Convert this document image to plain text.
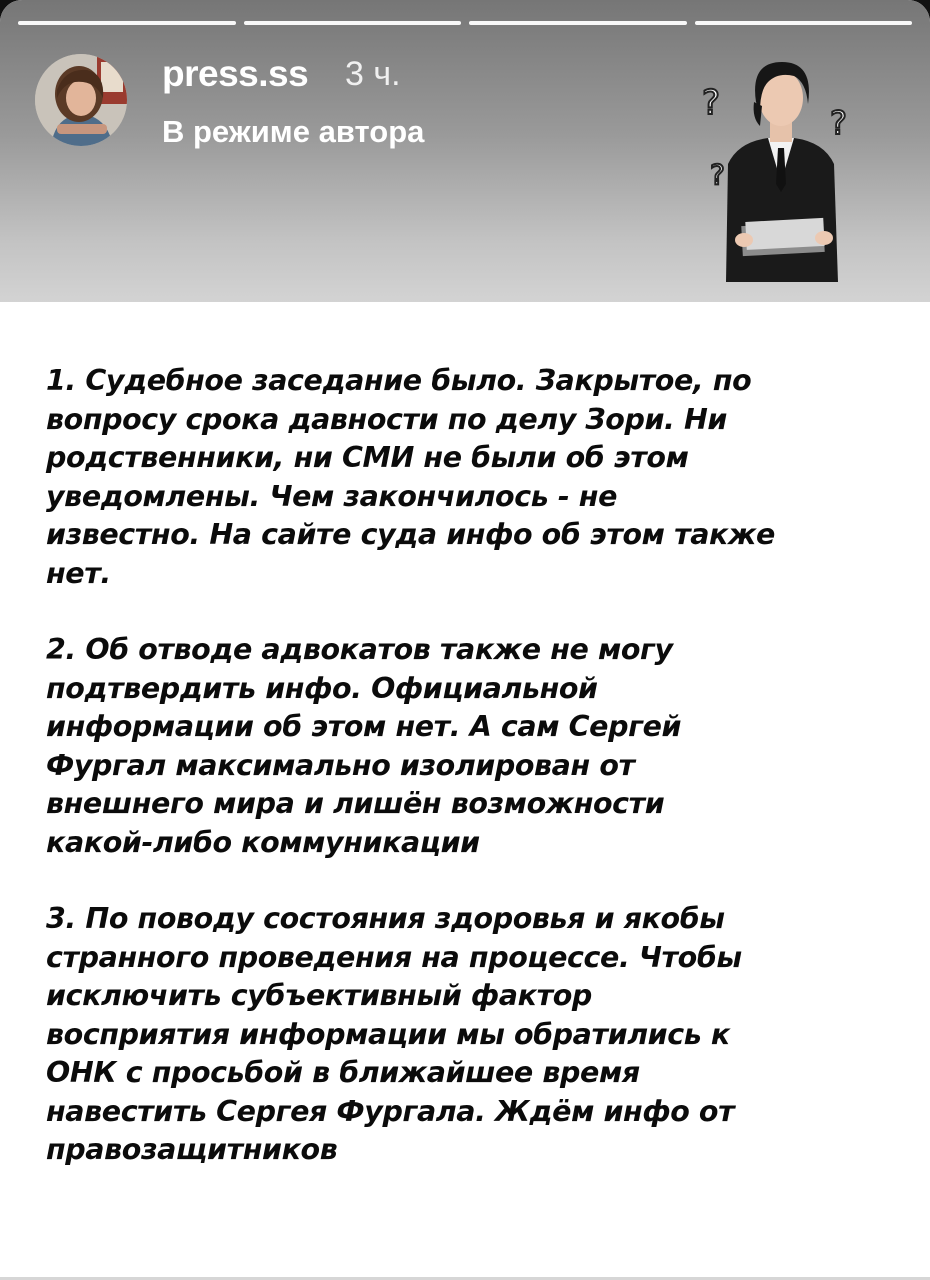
press.ss 3 ч.
В режиме автора
?	?
?
1. Судебное заседание было. Закрытое, по
вопросу срока давности по делу Зори. Ни
родственники, ни СМИ не были об этом
уведомлены. Чем закончилось - не
известно. На сайте суда инфо об этом также
нет.
2. Об отводе адвокатов также не могу
подтвердить инфо. Официальной
информации об этом нет. А сам Сергей
Фургал максимально изолирован от
внешнего мира и лишён возможности
какой-либо коммуникации
3. По поводу состояния здоровья и якобы
странного проведения на процессе. Чтобы
исключить субъективный фактор
восприятия информации мы обратились к
ОНК с просьбой в ближайшее время
навестить Сергея Фургала. Ждём инфо от
правозащитников
